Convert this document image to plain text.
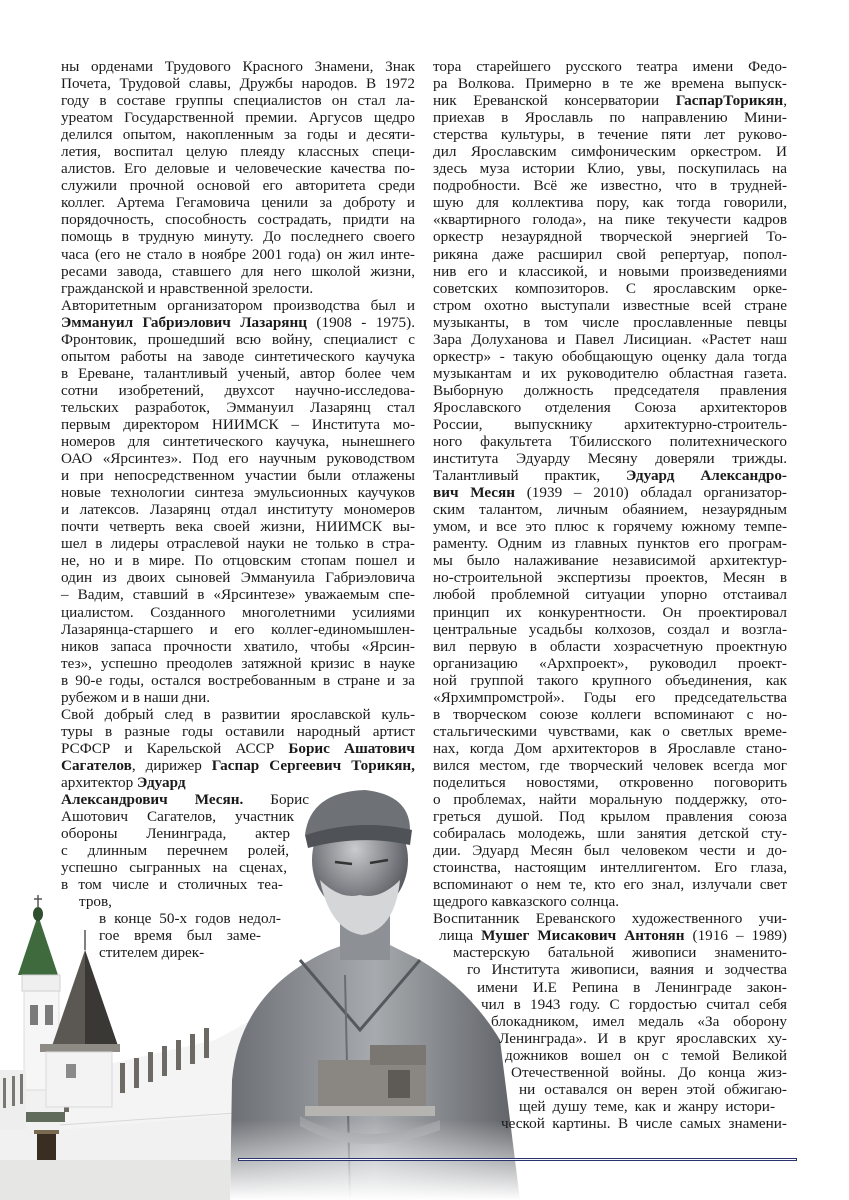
ны орденами Трудового Красного Знамени, Знак
Почета, Трудовой славы, Дружбы народов. В 1972
году в составе группы специалистов он стал ла-
уреатом Государственной премии. Аргусов щедро
делился опытом, накопленным за годы и десяти-
летия, воспитал целую плеяду классных специ-
алистов. Его деловые и человеческие качества по-
служили прочной основой его авторитета среди
коллег. Артема Гегамовича ценили за доброту и
порядочность, способность сострадать, придти на
помощь в трудную минуту. До последнего своего
часа (его не стало в ноябре 2001 года) он жил инте-
ресами завода, ставшего для него школой жизни,
гражданской и нравственной зрелости.
Авторитетным организатором производства был и
Эммануил Габриэлович Лазарянц (1908 - 1975).
Фронтовик, прошедший всю войну, специалист с
опытом работы на заводе синтетического каучука
в Ереване, талантливый ученый, автор более чем
сотни изобретений, двухсот научно-исследова-
тельских разработок, Эммануил Лазарянц стал
первым директором НИИМСК – Института мо-
номеров для синтетического каучука, нынешнего
ОАО «Ярсинтез». Под его научным руководством
и при непосредственном участии были отлажены
новые технологии синтеза эмульсионных каучуков
и латексов. Лазарянц отдал институту мономеров
почти четверть века своей жизни, НИИМСК вы-
шел в лидеры отраслевой науки не только в стра-
не, но и в мире. По отцовским стопам пошел и
один из двоих сыновей Эммануила Габриэловича
– Вадим, ставший в «Ярсинтезе» уважаемым спе-
циалистом. Созданного многолетними усилиями
Лазарянца-старшего и его коллег-единомышлен-
ников запаса прочности хватило, чтобы «Ярсин-
тез», успешно преодолев затяжной кризис в науке
в 90-е годы, остался востребованным в стране и за
рубежом и в наши дни.
Свой добрый след в развитии ярославской куль-
туры в разные годы оставили народный артист
РСФСР и Карельской АССР Борис Ашатович
Сагателов, дирижер Гаспар Сергеевич Торикян,
архитектор Эдуард
Александрович Месян. Борис
Ашотович Сагателов, участник
обороны Ленинграда, актер
с длинным перечнем ролей,
успешно сыгранных на сценах,
в том числе и столичных теа-
тров,
в конце 50-х годов недол-
гое время был заме-
стителем дирек-
тора старейшего русского театра имени Федо-
ра Волкова. Примерно в те же времена выпуск-
ник Ереванской консерватории ГаспарТорикян,
приехав в Ярославль по направлению Мини-
стерства культуры, в течение пяти лет руково-
дил Ярославским симфоническим оркестром. И
здесь муза истории Клио, увы, поскупилась на
подробности. Всё же известно, что в трудней-
шую для коллектива пору, как тогда говорили,
«квартирного голода», на пике текучести кадров
оркестр незаурядной творческой энергией То-
рикяна даже расширил свой репертуар, попол-
нив его и классикой, и новыми произведениями
советских композиторов. С ярославским орке-
стром охотно выступали известные всей стране
музыканты, в том числе прославленные певцы
Зара Долуханова и Павел Лисициан. «Растет наш
оркестр» - такую обобщающую оценку дала тогда
музыкантам и их руководителю областная газета.
Выборную должность председателя правления
Ярославского отделения Союза архитекторов
России, выпускнику архитектурно-строитель-
ного факультета Тбилисского политехнического
института Эдуарду Месяну доверяли трижды.
Талантливый практик, Эдуард Александро-
вич Месян (1939 – 2010) обладал организатор-
ским талантом, личным обаянием, незаурядным
умом, и все это плюс к горячему южному темпе-
раменту. Одним из главных пунктов его програм-
мы было налаживание независимой архитектур-
но-строительной экспертизы проектов, Месян в
любой проблемной ситуации упорно отстаивал
принцип их конкурентности. Он проектировал
центральные усадьбы колхозов, создал и возгла-
вил первую в области хозрасчетную проектную
организацию «Архпроект», руководил проект-
ной группой такого крупного объединения, как
«Ярхимпромстрой». Годы его председательства
в творческом союзе коллеги вспоминают с но-
стальгическими чувствами, как о светлых време-
нах, когда Дом архитекторов в Ярославле стано-
вился местом, где творческий человек всегда мог
поделиться новостями, откровенно поговорить
о проблемах, найти моральную поддержку, ото-
греться душой. Под крылом правления союза
собиралась молодежь, шли занятия детской сту-
дии. Эдуард Месян был человеком чести и до-
стоинства, настоящим интеллигентом. Его глаза,
вспоминают о нем те, кто его знал, излучали свет
щедрого кавказского солнца.
Воспитанник Ереванского художественного учи-
лища Мушег Мисакович Антонян (1916 – 1989)
мастерскую батальной живописи знаменито-
го Института живописи, ваяния и зодчества
имени И.Е Репина в Ленинграде закон-
чил в 1943 году. С гордостью считал себя
блокадником, имел медаль «За оборону
Ленинграда». И в круг ярославских ху-
дожников вошел он с темой Великой
Отечественной войны. До конца жиз-
ни оставался он верен этой обжигаю-
щей душу теме, как и жанру истори-
ческой картины. В числе самых знамени-
